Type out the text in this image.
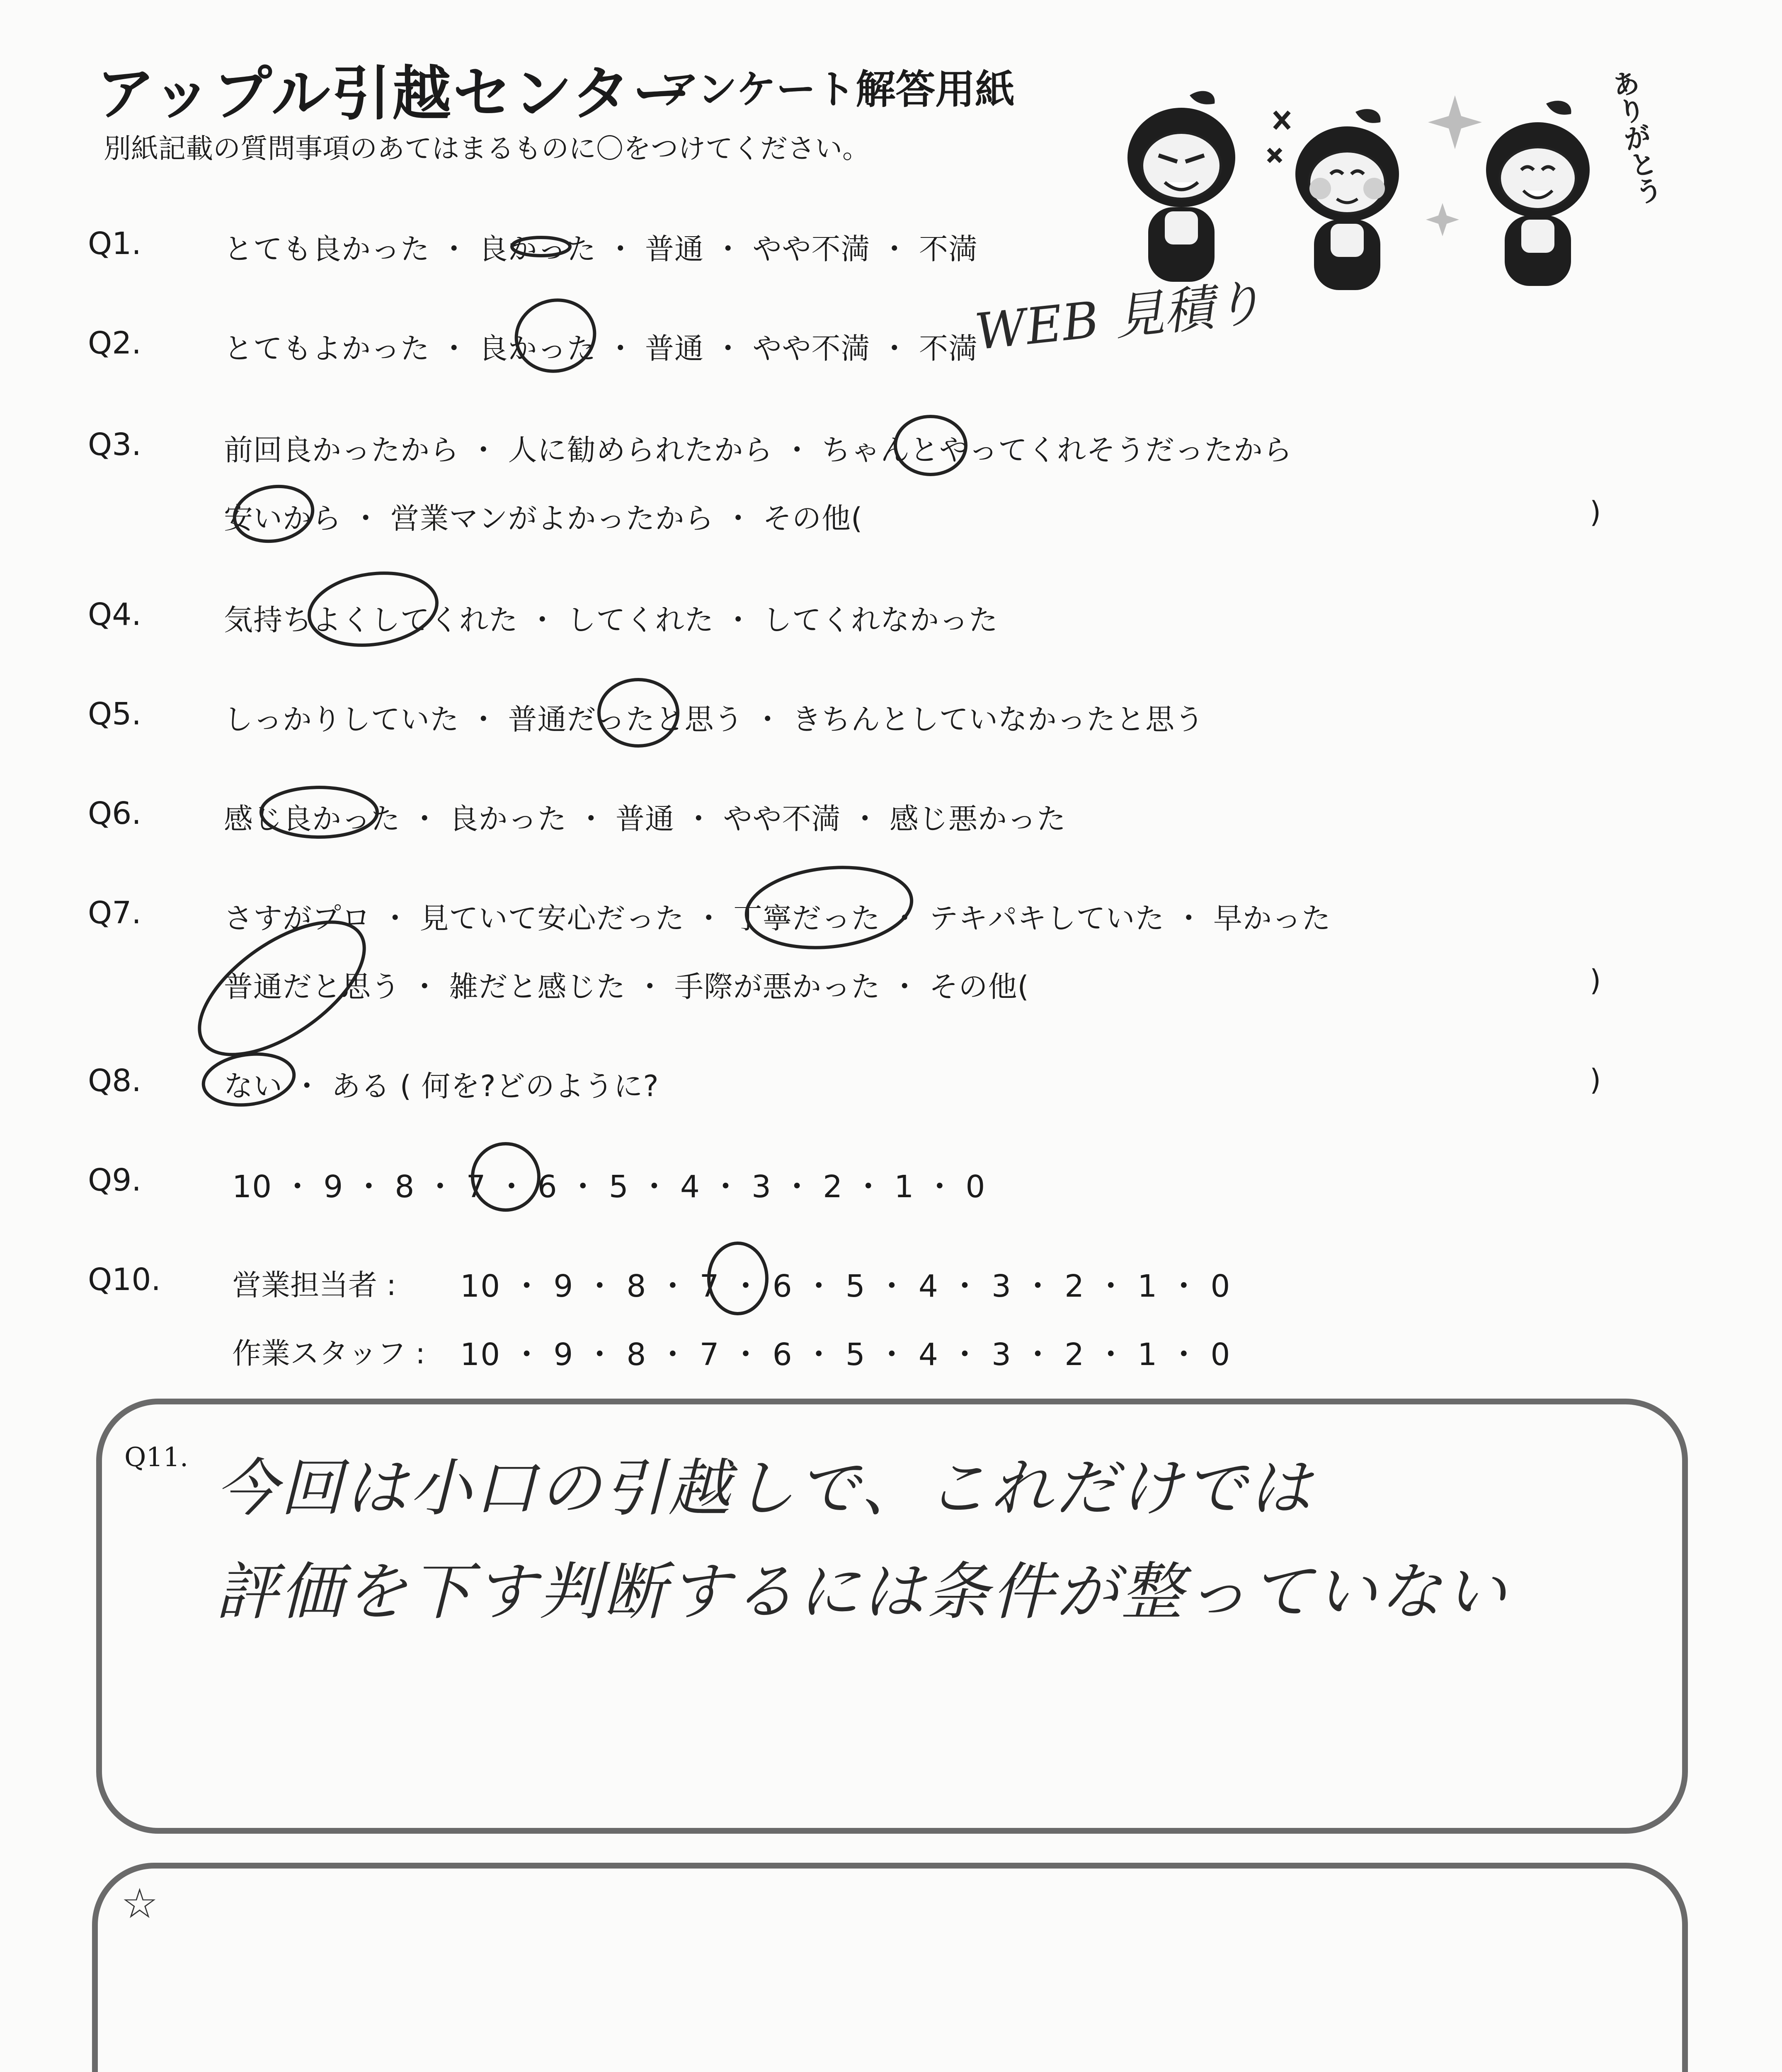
アップル引越センター
アンケート解答用紙
別紙記載の質問事項のあてはまるものに〇をつけてください。	ありがとう
Q1.	とても良かった ・ 良かった ・ 普通 ・ やや不満 ・ 不満
Q2.	とてもよかった ・ 良かった ・ 普通 ・ やや不満 ・ 不満
WEB 見積り
Q3.	前回良かったから ・ 人に勧められたから ・ ちゃんとやってくれそうだったから
安いから ・ 営業マンがよかったから ・ その他(	)
Q4.	気持ちよくしてくれた ・ してくれた ・ してくれなかった
Q5.	しっかりしていた ・ 普通だったと思う ・ きちんとしていなかったと思う
Q6.	感じ良かった ・ 良かった ・ 普通 ・ やや不満 ・ 感じ悪かった
Q7.	さすがプロ ・ 見ていて安心だった ・ 丁寧だった ・ テキパキしていた ・ 早かった
普通だと思う ・ 雑だと感じた ・ 手際が悪かった ・ その他(	)
Q8.	ない ・ ある ( 何を?どのように?	)
Q9.	10 ・ 9 ・ 8 ・ 7 ・ 6 ・ 5 ・ 4 ・ 3 ・ 2 ・ 1 ・ 0
Q10.	営業担当者 : 10 ・ 9 ・ 8 ・ 7 ・ 6 ・ 5 ・ 4 ・ 3 ・ 2 ・ 1 ・ 0
作業スタッフ : 10 ・ 9 ・ 8 ・ 7 ・ 6 ・ 5 ・ 4 ・ 3 ・ 2 ・ 1 ・ 0
Q11. 今回は小口の引越しで、これだけでは
評価を下す判断するには条件が整っていない
☆
